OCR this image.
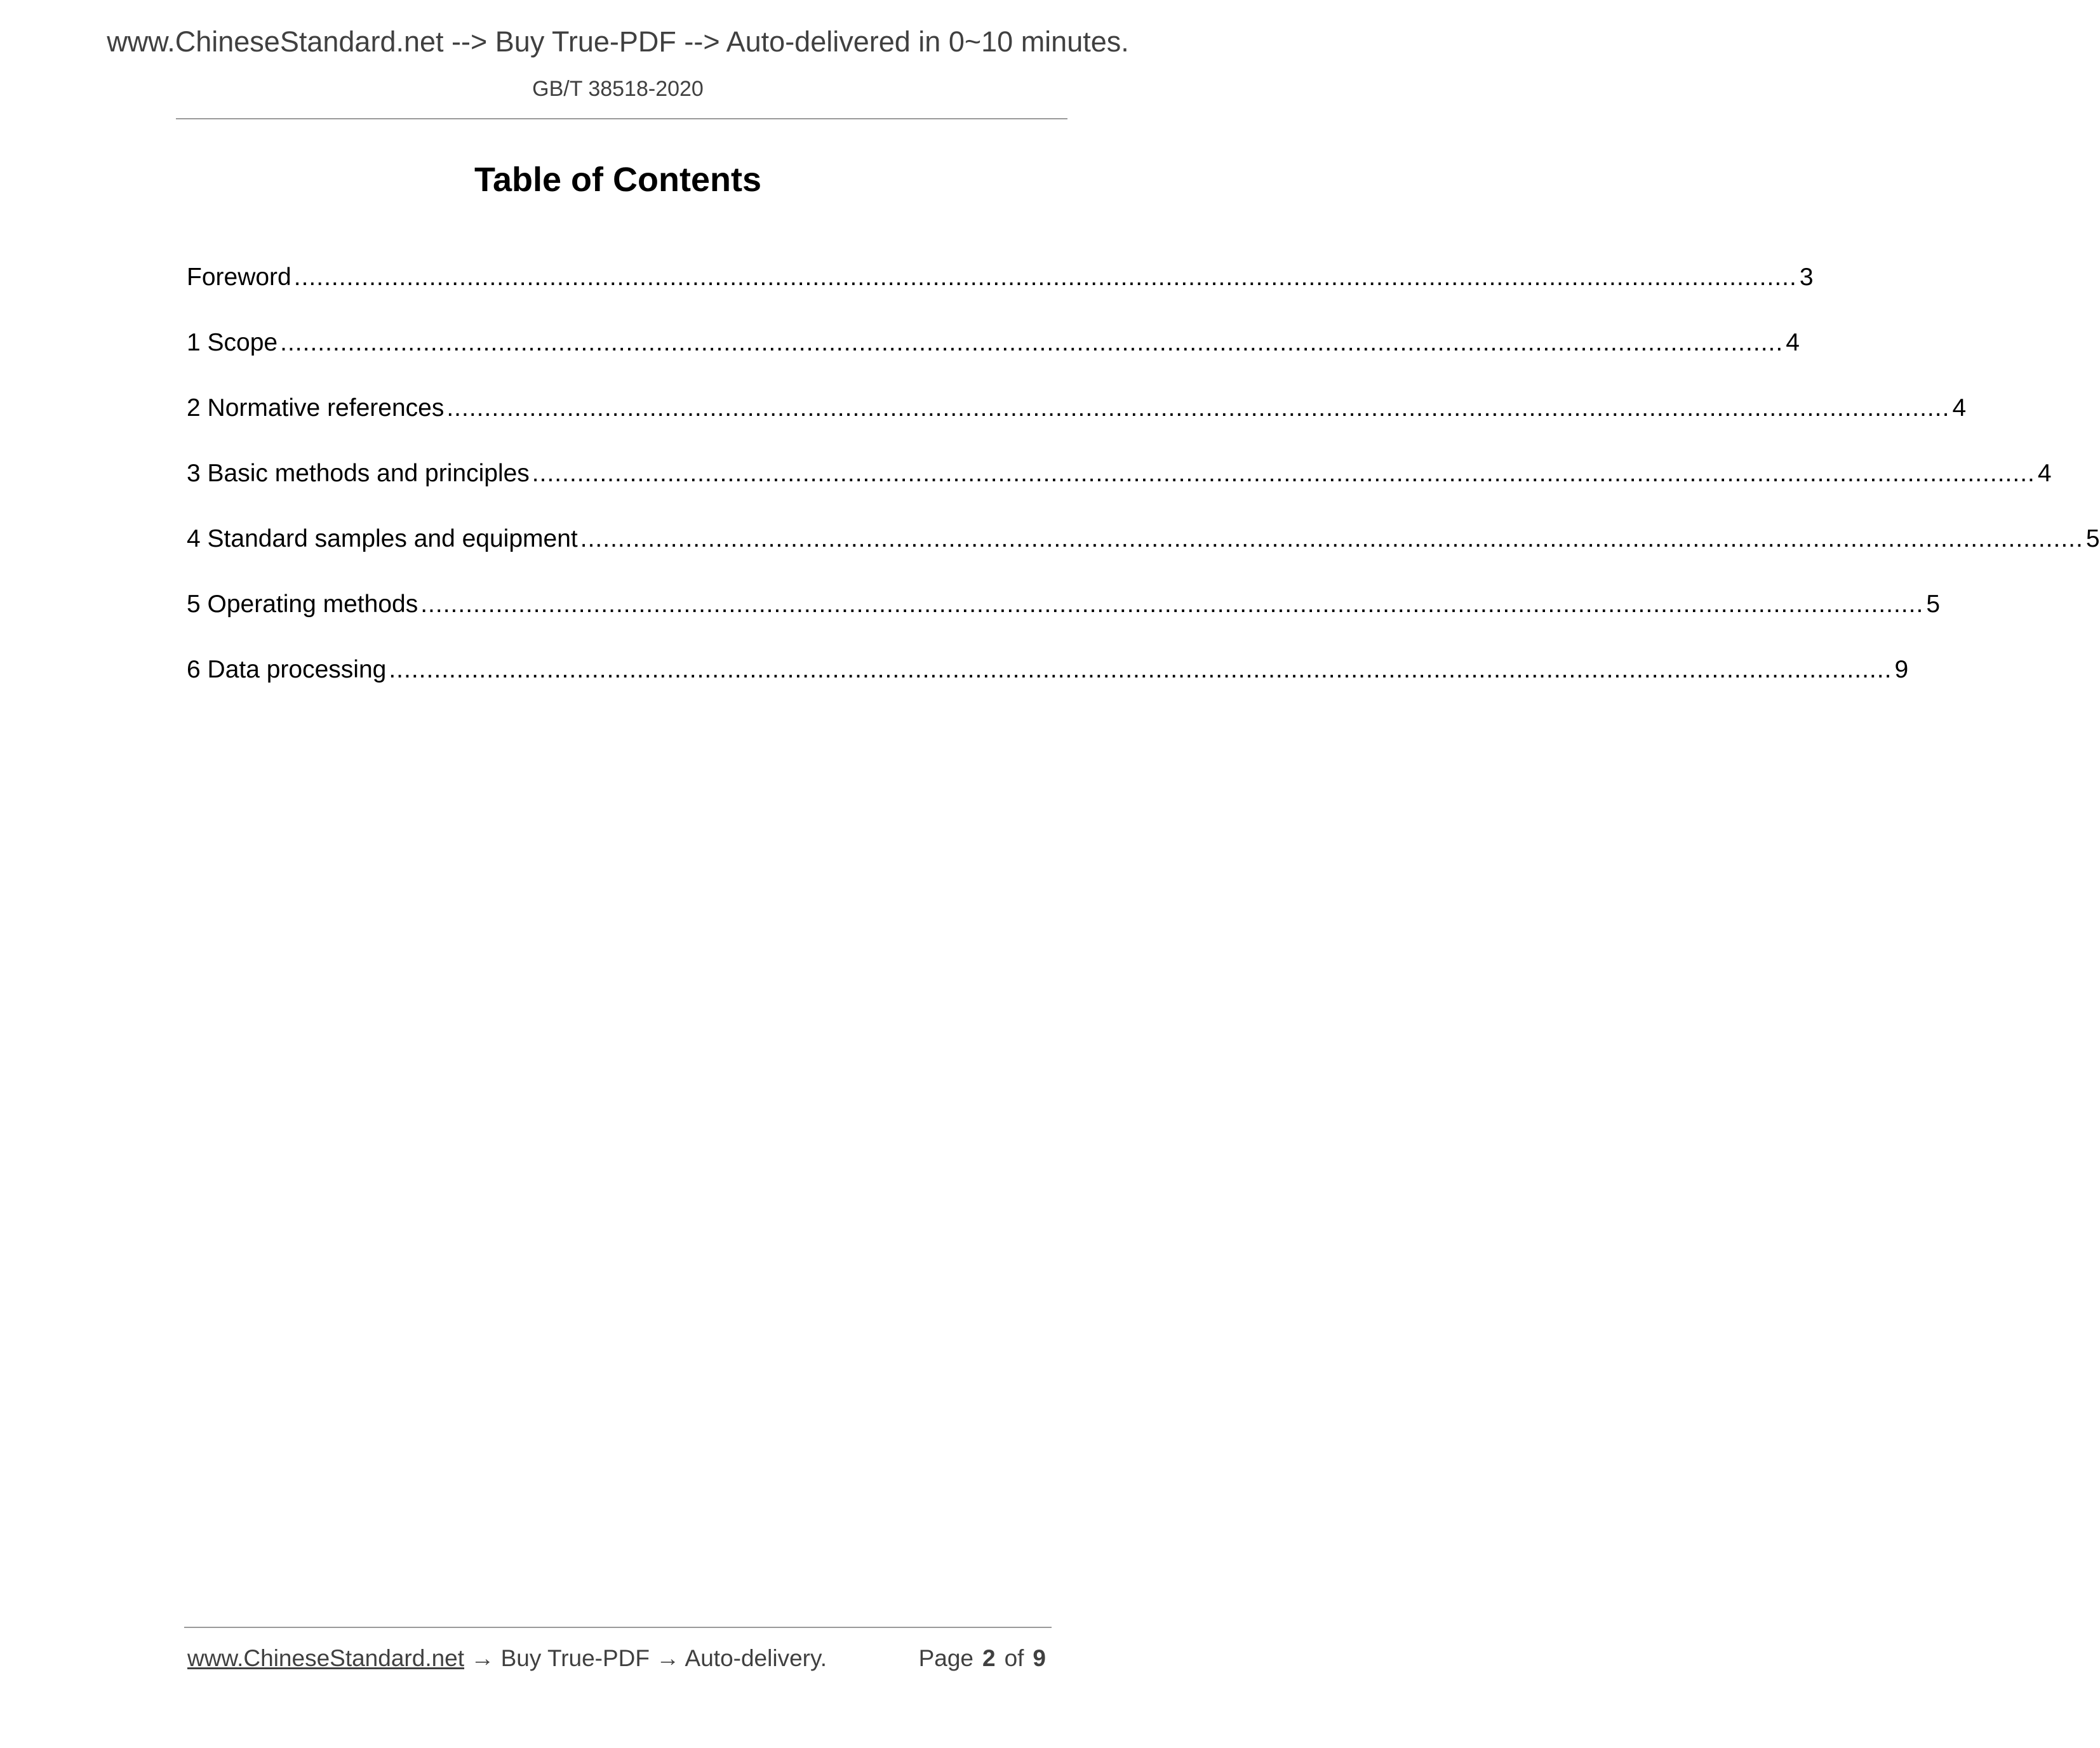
www.ChineseStandard.net --> Buy True-PDF --> Auto-delivered in 0~10 minutes.
GB/T 38518-2020
Table of Contents
Foreword ........................................................................................................................................................................................................ 3
1 Scope ........................................................................................................................................................................................................ 4
2 Normative references ........................................................................................................................................................................................................ 4
3 Basic methods and principles ........................................................................................................................................................................................................ 4
4 Standard samples and equipment ........................................................................................................................................................................................................ 5
5 Operating methods ........................................................................................................................................................................................................ 5
6 Data processing ........................................................................................................................................................................................................ 9
www.ChineseStandard.net → Buy True-PDF → Auto-delivery.	Page 2 of 9
